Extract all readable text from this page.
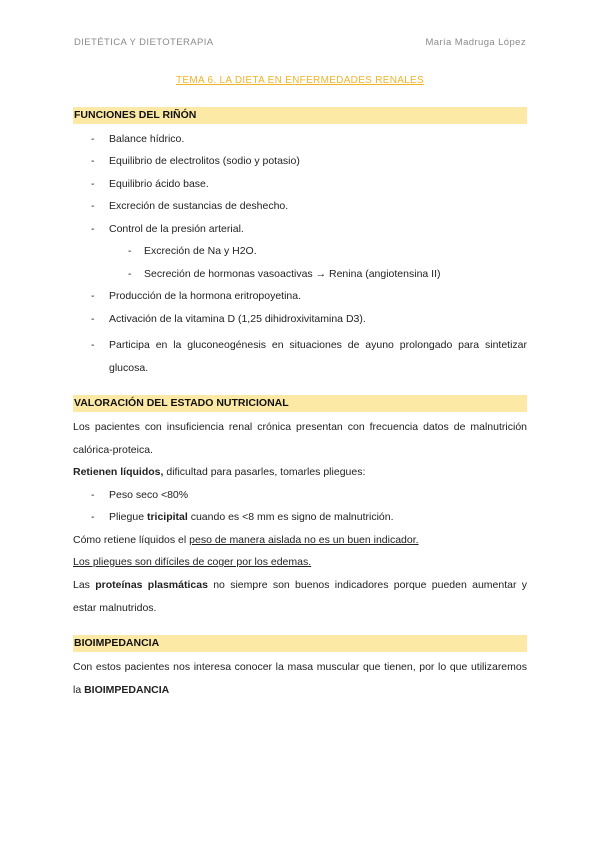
DIETÉTICA Y DIETOTERAPIA	María Madruga López
TEMA 6. LA DIETA EN ENFERMEDADES RENALES
FUNCIONES DEL RIÑÓN
- Balance hídrico.
- Equilibrio de electrolitos (sodio y potasio)
- Equilibrio ácido base.
- Excreción de sustancias de deshecho.
- Control de la presión arterial.
- Excreción de Na y H2O.
- Secreción de hormonas vasoactivas → Renina (angiotensina II)
- Producción de la hormona eritropoyetina.
- Activación de la vitamina D (1,25 dihidroxivitamina D3).
- Participa en la gluconeogénesis en situaciones de ayuno prolongado para sintetizar glucosa.
VALORACIÓN DEL ESTADO NUTRICIONAL
Los pacientes con insuficiencia renal crónica presentan con frecuencia datos de malnutrición calórica-proteica.
Retienen líquidos, dificultad para pasarles, tomarles pliegues:
- Peso seco <80%
- Pliegue tricipital cuando es <8 mm es signo de malnutrición.
Cómo retiene líquidos el peso de manera aislada no es un buen indicador.
Los pliegues son difíciles de coger por los edemas.
Las proteínas plasmáticas no siempre son buenos indicadores porque pueden aumentar y estar malnutridos.
BIOIMPEDANCIA
Con estos pacientes nos interesa conocer la masa muscular que tienen, por lo que utilizaremos la BIOIMPEDANCIA
